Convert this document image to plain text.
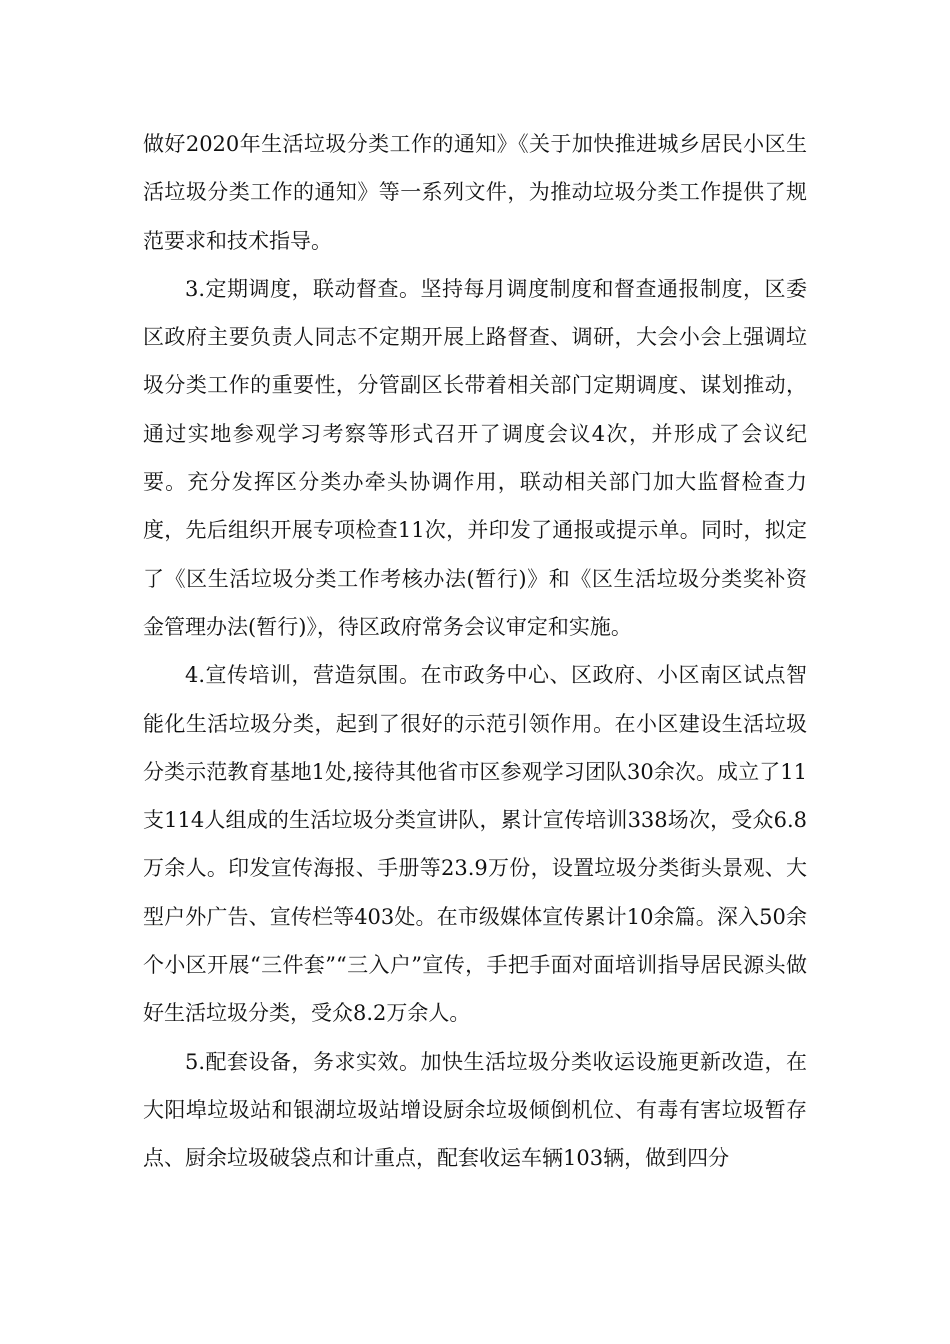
做好2020年生活垃圾分类工作的通知》《关于加快推进城乡居民小区生活垃圾分类工作的通知》等一系列文件，为推动垃圾分类工作提供了规范要求和技术指导。

3.定期调度，联动督查。坚持每月调度制度和督查通报制度，区委区政府主要负责人同志不定期开展上路督查、调研，大会小会上强调垃圾分类工作的重要性，分管副区长带着相关部门定期调度、谋划推动，通过实地参观学习考察等形式召开了调度会议4次，并形成了会议纪要。充分发挥区分类办牵头协调作用，联动相关部门加大监督检查力度，先后组织开展专项检查11次，并印发了通报或提示单。同时，拟定了《区生活垃圾分类工作考核办法(暂行)》和《区生活垃圾分类奖补资金管理办法(暂行)》，待区政府常务会议审定和实施。

4.宣传培训，营造氛围。在市政务中心、区政府、小区南区试点智能化生活垃圾分类，起到了很好的示范引领作用。在小区建设生活垃圾分类示范教育基地1处,接待其他省市区参观学习团队30余次。成立了11支114人组成的生活垃圾分类宣讲队，累计宣传培训338场次，受众6.8万余人。印发宣传海报、手册等23.9万份，设置垃圾分类街头景观、大型户外广告、宣传栏等403处。在市级媒体宣传累计10余篇。深入50余个小区开展“三件套”“三入户”宣传，手把手面对面培训指导居民源头做好生活垃圾分类，受众8.2万余人。

5.配套设备，务求实效。加快生活垃圾分类收运设施更新改造，在大阳埠垃圾站和银湖垃圾站增设厨余垃圾倾倒机位、有毒有害垃圾暂存点、厨余垃圾破袋点和计重点，配套收运车辆103辆，做到四分
